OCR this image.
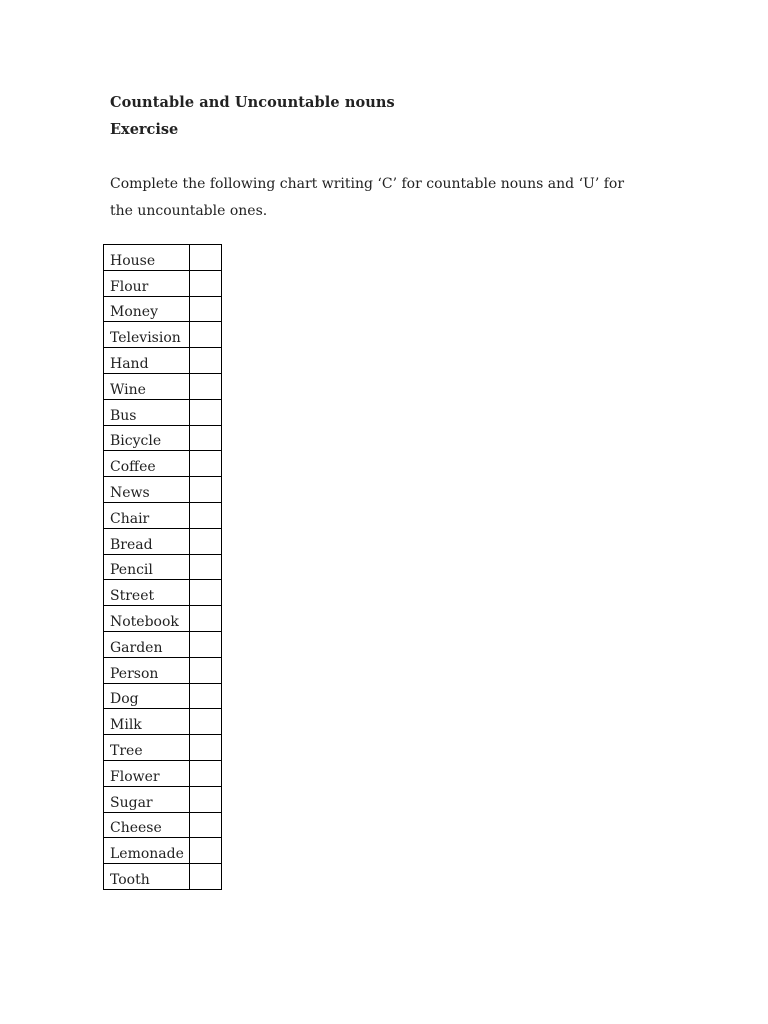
Countable and Uncountable nouns
Exercise
Complete the following chart writing ‘C’ for countable nouns and ‘U’ for the uncountable ones.
House	
Flour	
Money	
Television	
Hand	
Wine	
Bus	
Bicycle	
Coffee	
News	
Chair	
Bread	
Pencil	
Street	
Notebook	
Garden	
Person	
Dog	
Milk	
Tree	
Flower	
Sugar	
Cheese	
Lemonade	
Tooth	
